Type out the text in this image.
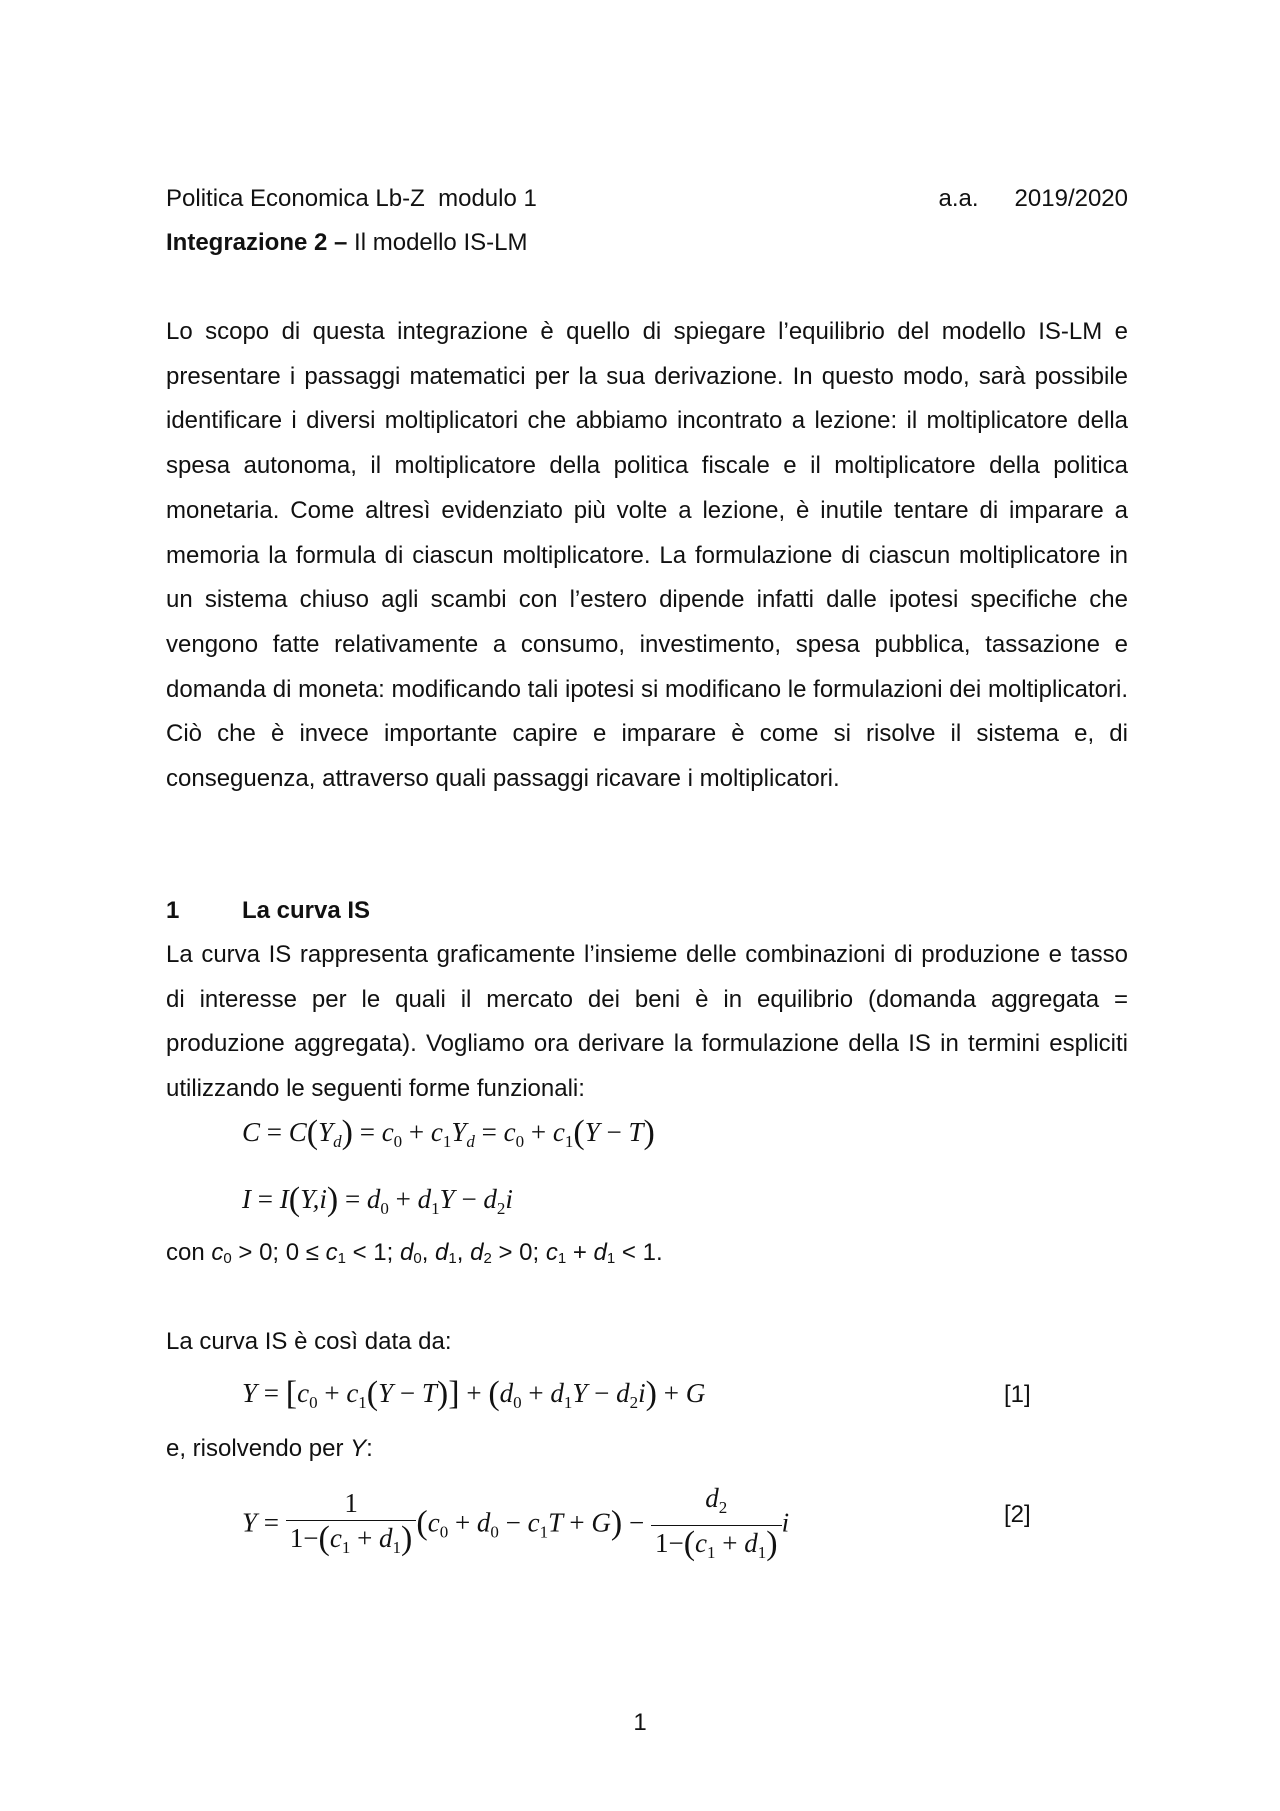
Politica Economica Lb-Z  modulo 1	a.a. 2019/2020
Integrazione 2 – Il modello IS-LM

Lo scopo di questa integrazione è quello di spiegare l’equilibrio del modello IS-LM e presentare i passaggi matematici per la sua derivazione. In questo modo, sarà possibile identificare i diversi moltiplicatori che abbiamo incontrato a lezione: il moltiplicatore della spesa autonoma, il moltiplicatore della politica fiscale e il moltiplicatore della politica monetaria. Come altresì evidenziato più volte a lezione, è inutile tentare di imparare a memoria la formula di ciascun moltiplicatore. La formulazione di ciascun moltiplicatore in un sistema chiuso agli scambi con l’estero dipende infatti dalle ipotesi specifiche che vengono fatte relativamente a consumo, investimento, spesa pubblica, tassazione e domanda di moneta: modificando tali ipotesi si modificano le formulazioni dei moltiplicatori. Ciò che è invece importante capire e imparare è come si risolve il sistema e, di conseguenza, attraverso quali passaggi ricavare i moltiplicatori.

1	La curva IS

La curva IS rappresenta graficamente l’insieme delle combinazioni di produzione e tasso di interesse per le quali il mercato dei beni è in equilibrio (domanda aggregata = produzione aggregata). Vogliamo ora derivare la formulazione della IS in termini espliciti utilizzando le seguenti forme funzionali:

$C = C(Y_d) = c_0 + c_1Y_d = c_0 + c_1(Y - T)$
$I = I(Y,i) = d_0 + d_1Y - d_2i$
con $c_0 > 0$; $0 \le c_1 < 1$; $d_0$, $d_1$, $d_2 > 0$; $c_1 + d_1 < 1$.
La curva IS è così data da:
$Y = [c_0 + c_1(Y - T)] + (d_0 + d_1Y - d_2i) + G$	[1]
e, risolvendo per Y:
$Y = \frac{1}{1-(c_1 + d_1)} (c_0 + d_0 - c_1T + G) - \frac{d_2}{1-(c_1 + d_1)}$ i	[2]
1
